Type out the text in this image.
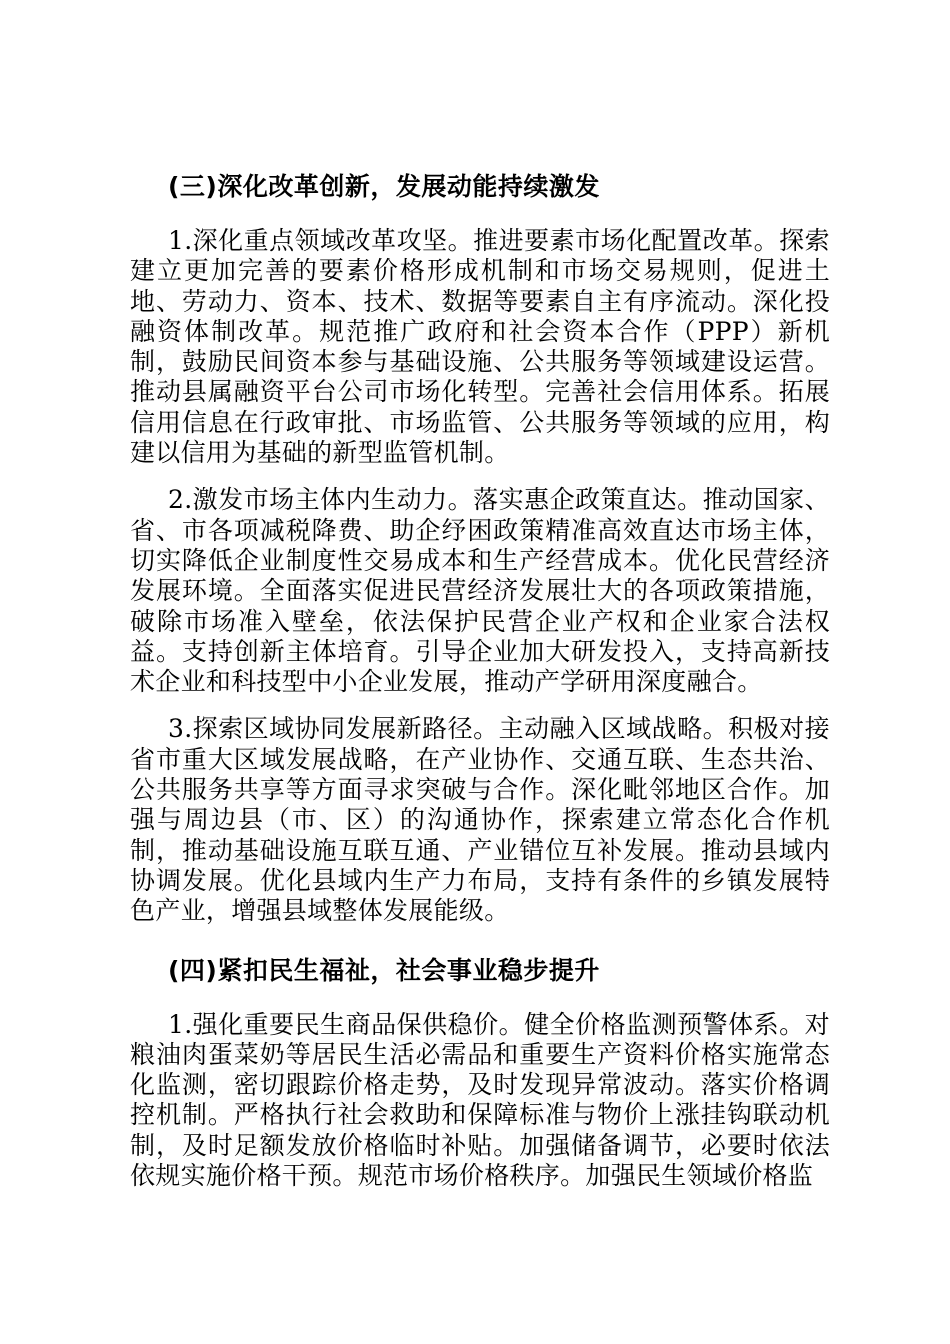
(三)深化改革创新，发展动能持续激发

1.深化重点领域改革攻坚。推进要素市场化配置改革。探索建立更加完善的要素价格形成机制和市场交易规则，促进土地、劳动力、资本、技术、数据等要素自主有序流动。深化投融资体制改革。规范推广政府和社会资本合作（PPP）新机制，鼓励民间资本参与基础设施、公共服务等领域建设运营。推动县属融资平台公司市场化转型。完善社会信用体系。拓展信用信息在行政审批、市场监管、公共服务等领域的应用，构建以信用为基础的新型监管机制。

2.激发市场主体内生动力。落实惠企政策直达。推动国家、省、市各项减税降费、助企纾困政策精准高效直达市场主体，切实降低企业制度性交易成本和生产经营成本。优化民营经济发展环境。全面落实促进民营经济发展壮大的各项政策措施，破除市场准入壁垒，依法保护民营企业产权和企业家合法权益。支持创新主体培育。引导企业加大研发投入，支持高新技术企业和科技型中小企业发展，推动产学研用深度融合。

3.探索区域协同发展新路径。主动融入区域战略。积极对接省市重大区域发展战略，在产业协作、交通互联、生态共治、公共服务共享等方面寻求突破与合作。深化毗邻地区合作。加强与周边县（市、区）的沟通协作，探索建立常态化合作机制，推动基础设施互联互通、产业错位互补发展。推动县域内协调发展。优化县域内生产力布局，支持有条件的乡镇发展特色产业，增强县域整体发展能级。

(四)紧扣民生福祉，社会事业稳步提升

1.强化重要民生商品保供稳价。健全价格监测预警体系。对粮油肉蛋菜奶等居民生活必需品和重要生产资料价格实施常态化监测，密切跟踪价格走势，及时发现异常波动。落实价格调控机制。严格执行社会救助和保障标准与物价上涨挂钩联动机制，及时足额发放价格临时补贴。加强储备调节，必要时依法依规实施价格干预。规范市场价格秩序。加强民生领域价格监
